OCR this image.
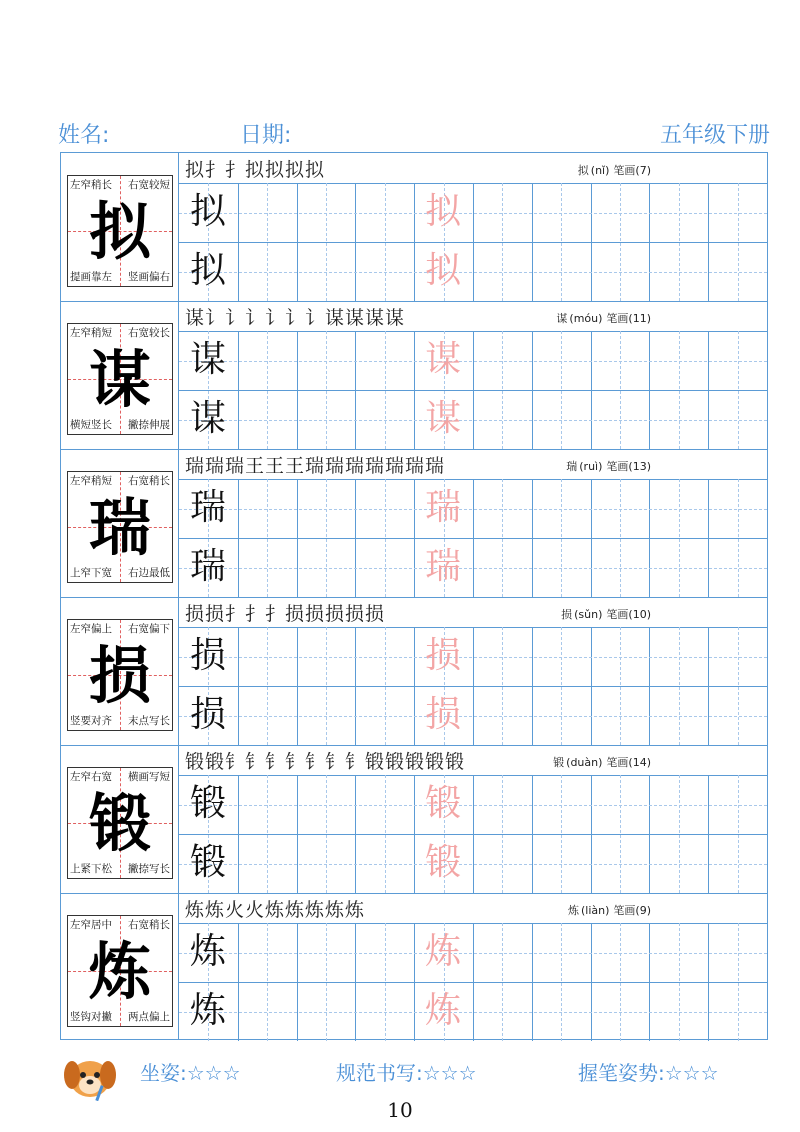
姓名:	日期:	五年级下册
拟
左窄稍长 右宽较短
提画靠左 竖画偏右
拟扌扌拟拟拟拟	拟 (nǐ) 笔画(7)
拟	拟
拟	拟
谋
左窄稍短 右宽较长
横短竖长 撇捺伸展
谋讠讠讠讠讠讠谋谋谋谋	谋 (móu) 笔画(11)
谋	谋
谋	谋
瑞
左窄稍短 右宽稍长
上窄下宽 右边最低
瑞瑞瑞王王王瑞瑞瑞瑞瑞瑞瑞	瑞 (ruì) 笔画(13)
瑞	瑞
瑞	瑞
损
左窄偏上 右宽偏下
竖要对齐 末点写长
损损扌扌扌损损损损损	损 (sǔn) 笔画(10)
损	损
损	损
锻
左窄右宽 横画写短
上紧下松 撇捺写长
锻锻钅钅钅钅钅钅钅锻锻锻锻锻	锻 (duàn) 笔画(14)
锻	锻
锻	锻
炼
左窄居中 右宽稍长
竖钩对撇 两点偏上
炼炼火火炼炼炼炼炼	炼 (liàn) 笔画(9)
炼	炼
炼	炼
坐姿:☆☆☆	规范书写:☆☆☆	握笔姿势:☆☆☆
10
